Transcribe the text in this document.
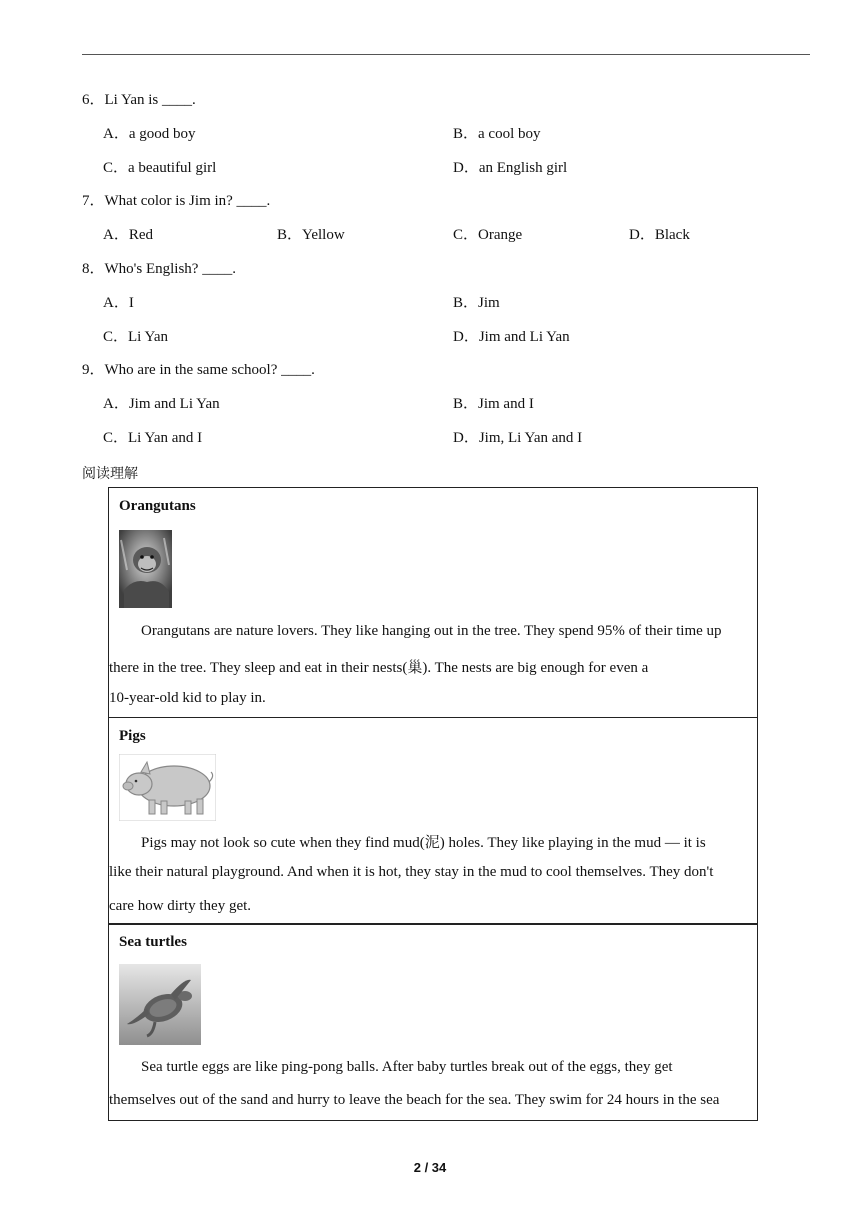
6．Li Yan is ____.
A．a good boy	B．a cool boy
C．a beautiful girl	D．an English girl
7．What color is Jim in? ____.
A．Red	B．Yellow	C．Orange	D．Black
8．Who's English? ____.
A．I	B．Jim
C．Li Yan	D．Jim and Li Yan
9．Who are in the same school? ____.
A．Jim and Li Yan	B．Jim and I
C．Li Yan and I	D．Jim, Li Yan and I
阅读理解
Orangutans
Orangutans are nature lovers. They like hanging out in the tree. They spend 95% of their time up
there in the tree. They sleep and eat in their nests(巢). The nests are big enough for even a
10-year-old kid to play in.
Pigs
Pigs may not look so cute when they find mud(泥) holes. They like playing in the mud — it is
like their natural playground. And when it is hot, they stay in the mud to cool themselves. They don't
care how dirty they get.
Sea turtles
Sea turtle eggs are like ping-pong balls. After baby turtles break out of the eggs, they get
themselves out of the sand and hurry to leave the beach for the sea. They swim for 24 hours in the sea
2 / 34
